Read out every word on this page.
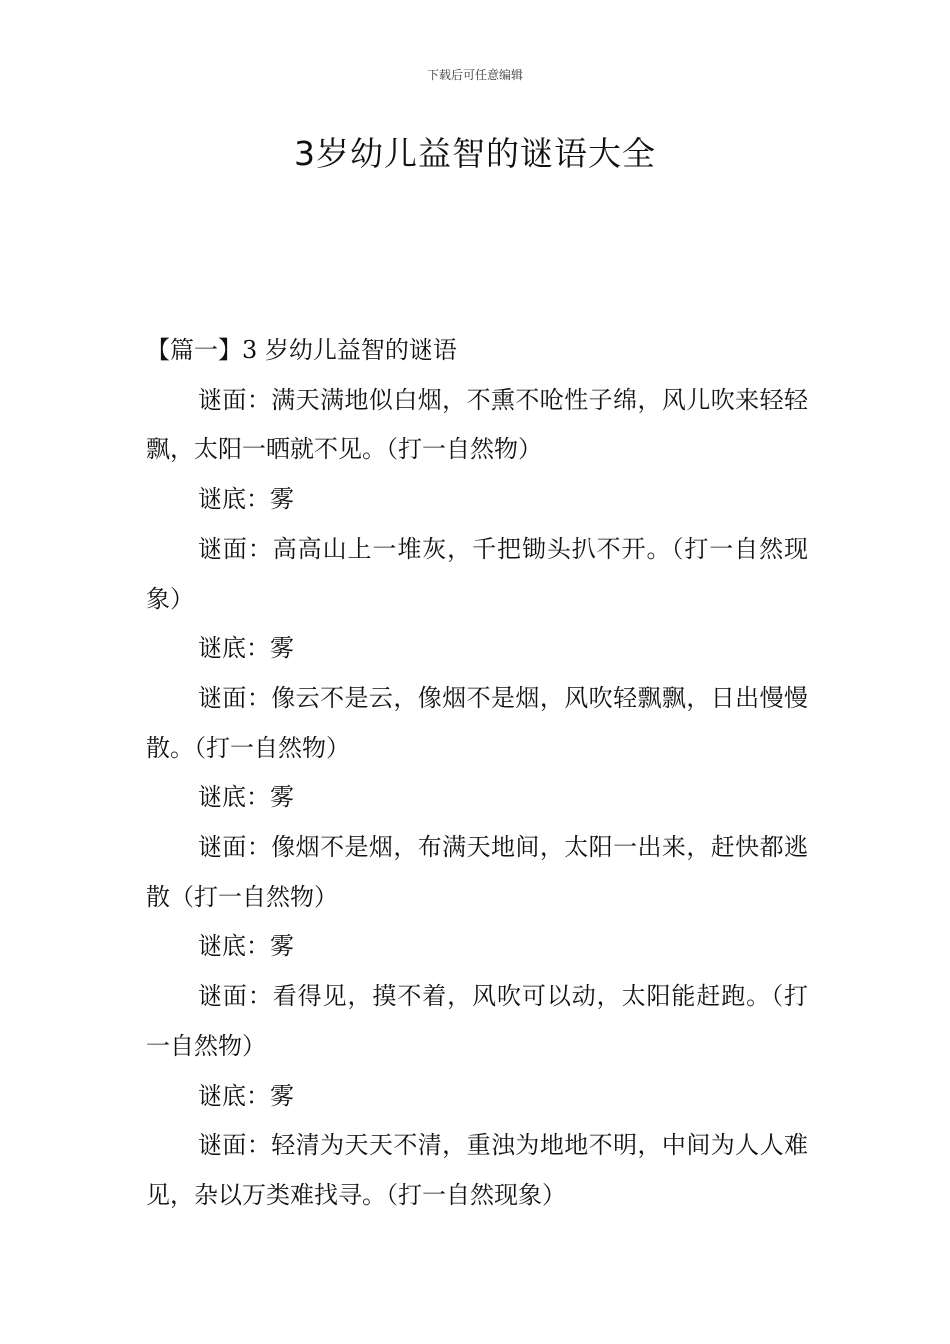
下载后可任意编辑
3岁幼儿益智的谜语大全

【篇一】3 岁幼儿益智的谜语

谜面：满天满地似白烟，不熏不呛性子绵，风儿吹来轻轻飘，太阳一晒就不见。（打一自然物）

谜底：雾

谜面：高高山上一堆灰，千把锄头扒不开。（打一自然现象）

谜底：雾

谜面：像云不是云，像烟不是烟，风吹轻飘飘，日出慢慢散。（打一自然物）

谜底：雾

谜面：像烟不是烟，布满天地间，太阳一出来，赶快都逃散（打一自然物）

谜底：雾

谜面：看得见，摸不着，风吹可以动，太阳能赶跑。（打一自然物）

谜底：雾

谜面：轻清为天天不清，重浊为地地不明，中间为人人难见，杂以万类难找寻。（打一自然现象）
